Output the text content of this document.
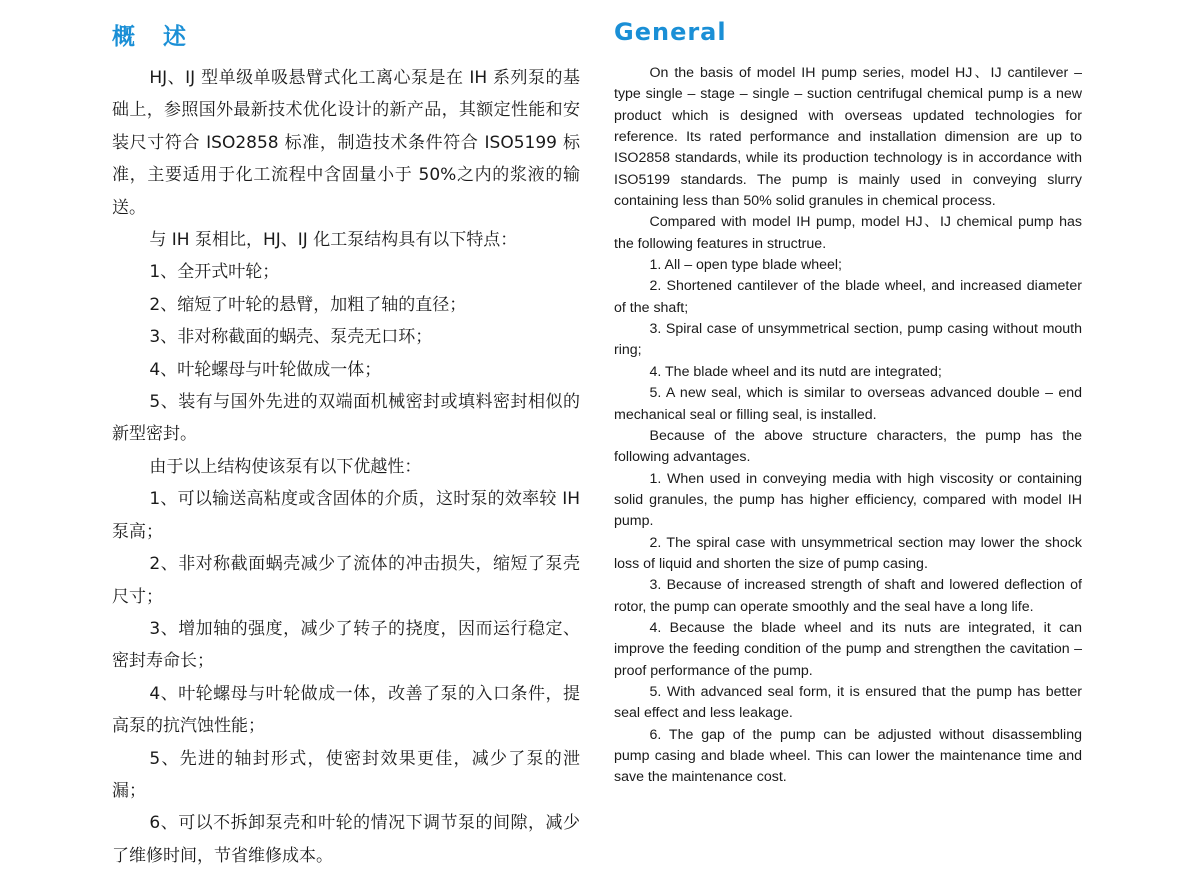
概 述

HJ、IJ 型单级单吸悬臂式化工离心泵是在 IH 系列泵的基础上，参照国外最新技术优化设计的新产品，其额定性能和安装尺寸符合 ISO2858 标准，制造技术条件符合 ISO5199 标准，主要适用于化工流程中含固量小于 50%之内的浆液的输送。

与 IH 泵相比，HJ、IJ 化工泵结构具有以下特点：

1、全开式叶轮；

2、缩短了叶轮的悬臂，加粗了轴的直径；

3、非对称截面的蜗壳、泵壳无口环；

4、叶轮螺母与叶轮做成一体；

5、装有与国外先进的双端面机械密封或填料密封相似的新型密封。

由于以上结构使该泵有以下优越性：

1、可以输送高粘度或含固体的介质，这时泵的效率较 IH 泵高；

2、非对称截面蜗壳减少了流体的冲击损失，缩短了泵壳尺寸；

3、增加轴的强度，减少了转子的挠度，因而运行稳定、密封寿命长；

4、叶轮螺母与叶轮做成一体，改善了泵的入口条件，提高泵的抗汽蚀性能；

5、先进的轴封形式，使密封效果更佳，减少了泵的泄漏；

6、可以不拆卸泵壳和叶轮的情况下调节泵的间隙，减少了维修时间，节省维修成本。

General

On the basis of model IH pump series, model HJ、IJ cantilever – type single – stage – single – suction centrifugal chemical pump is a new product which is designed with overseas updated technologies for reference. Its rated performance and installation dimension are up to ISO2858 standards, while its production technology is in accordance with ISO5199 standards. The pump is mainly used in conveying slurry containing less than 50% solid granules in chemical process.

Compared with model IH pump, model HJ、IJ chemical pump has the following features in structrue.

1. All – open type blade wheel;

2. Shortened cantilever of the blade wheel, and increased diameter of the shaft;

3. Spiral case of unsymmetrical section, pump casing without mouth ring;

4. The blade wheel and its nutd are integrated;

5. A new seal, which is similar to overseas advanced double – end mechanical seal or filling seal, is installed.

Because of the above structure characters, the pump has the following advantages.

1. When used in conveying media with high viscosity or containing solid granules, the pump has higher efficiency, compared with model IH pump.

2. The spiral case with unsymmetrical section may lower the shock loss of liquid and shorten the size of pump casing.

3. Because of increased strength of shaft and lowered deflection of rotor, the pump can operate smoothly and the seal have a long life.

4. Because the blade wheel and its nuts are integrated, it can improve the feeding condition of the pump and strengthen the cavitation – proof performance of the pump.

5. With advanced seal form, it is ensured that the pump has better seal effect and less leakage.

6. The gap of the pump can be adjusted without disassembling pump casing and blade wheel. This can lower the maintenance time and save the maintenance cost.
